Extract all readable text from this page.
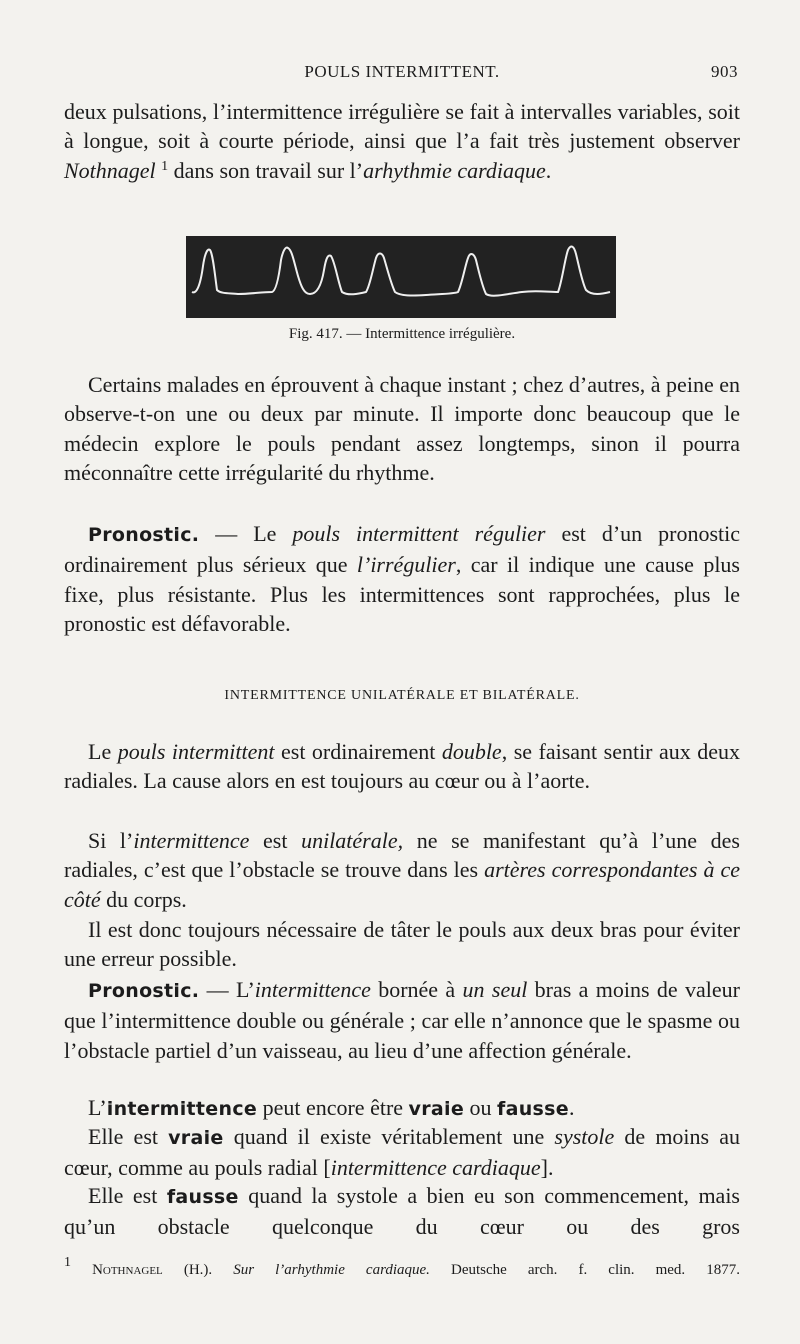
POULS INTERMITTENT.	903

deux pulsations, l’intermittence irrégulière se fait à intervalles variables, soit à longue, soit à courte période, ainsi que l’a fait très justement observer Nothnagel $^1$ dans son travail sur l’arhythmie cardiaque.

Fig. 417. — Intermittence irrégulière.

Certains malades en éprouvent à chaque instant ; chez d’autres, à peine en observe-t-on une ou deux par minute. Il importe donc beaucoup que le médecin explore le pouls pendant assez longtemps, sinon il pourra méconnaître cette irrégularité du rhythme.

Pronostic. — Le pouls intermittent régulier est d’un pronostic ordinairement plus sérieux que l’irrégulier, car il indique une cause plus fixe, plus résistante. Plus les intermittences sont rapprochées, plus le pronostic est défavorable.

INTERMITTENCE UNILATÉRALE ET BILATÉRALE.

Le pouls intermittent est ordinairement double, se faisant sentir aux deux radiales. La cause alors en est toujours au cœur ou à l’aorte.

Si l’intermittence est unilatérale, ne se manifestant qu’à l’une des radiales, c’est que l’obstacle se trouve dans les artères correspondantes à ce côté du corps.

Il est donc toujours nécessaire de tâter le pouls aux deux bras pour éviter une erreur possible.

Pronostic. — L’intermittence bornée à un seul bras a moins de valeur que l’intermittence double ou générale ; car elle n’annonce que le spasme ou l’obstacle partiel d’un vaisseau, au lieu d’une affection générale.

L’intermittence peut encore être vraie ou fausse.

Elle est vraie quand il existe véritablement une systole de moins au cœur, comme au pouls radial [intermittence cardiaque].

Elle est fausse quand la systole a bien eu son commencement, mais qu’un obstacle quelconque du cœur ou des gros

$^1$ Nothnagel (H.). Sur l’arhythmie cardiaque. Deutsche arch. f. clin. med. 1877.
